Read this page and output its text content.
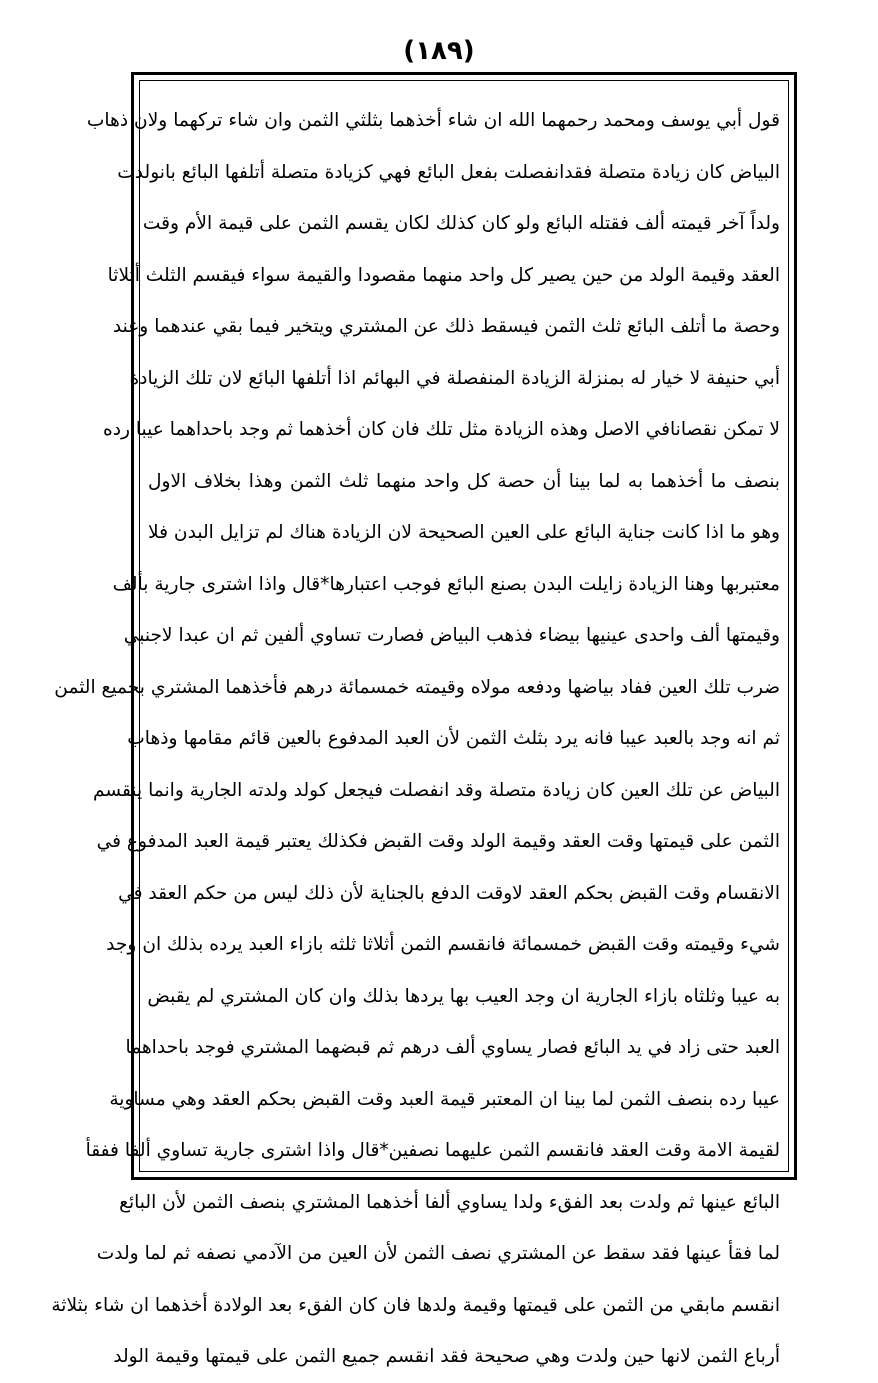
(١٨٩)
قول أبي يوسف ومحمد رحمهما الله ان شاء أخذهما بثلثي الثمن وان شاء تركهما ولان ذهاب
البياض كان زيادة متصلة فقدانفصلت بفعل البائع فهي كزيادة متصلة أتلفها البائع بانولدت
ولداً آخر قيمته ألف فقتله البائع ولو كان كذلك لكان يقسم الثمن على قيمة الأم وقت
العقد وقيمة الولد من حين يصير كل واحد منهما مقصودا والقيمة سواء فيقسم الثلث أثلاثا
وحصة ما أتلف البائع ثلث الثمن فيسقط ذلك عن المشتري ويتخير فيما بقي عندهما وعند
أبي حنيفة لا خيار له بمنزلة الزيادة المنفصلة في البهائم اذا أتلفها البائع لان تلك الزيادة
لا تمكن نقصانافي الاصل وهذه الزيادة مثل تلك فان كان أخذهما ثم وجد باحداهما عيبا رده
بنصف ما أخذهما به لما بينا أن حصة كل واحد منهما ثلث الثمن وهذا بخلاف الاول
وهو ما اذا كانت جناية البائع على العين الصحيحة لان الزيادة هناك لم تزايل البدن فلا
معتبربها وهنا الزيادة زايلت البدن بصنع البائع فوجب اعتبارها*قال واذا اشترى جارية بألف
وقيمتها ألف واحدى عينيها بيضاء فذهب البياض فصارت تساوي ألفين ثم ان عبدا لاجنبي
ضرب تلك العين ففاد بياضها ودفعه مولاه وقيمته خمسمائة درهم فأخذهما المشتري بجميع الثمن
ثم انه وجد بالعبد عيبا فانه يرد بثلث الثمن لأن العبد المدفوع بالعين قائم مقامها وذهاب
البياض عن تلك العين كان زيادة متصلة وقد انفصلت فيجعل كولد ولدته الجارية وانما ينقسم
الثمن على قيمتها وقت العقد وقيمة الولد وقت القبض فكذلك يعتبر قيمة العبد المدفوع في
الانقسام وقت القبض بحكم العقد لاوقت الدفع بالجناية لأن ذلك ليس من حكم العقد في
شيء وقيمته وقت القبض خمسمائة فانقسم الثمن أثلاثا ثلثه بازاء العبد يرده بذلك ان وجد
به عيبا وثلثاه بازاء الجارية ان وجد العيب بها يردها بذلك وان كان المشتري لم يقبض
العبد حتى زاد في يد البائع فصار يساوي ألف درهم ثم قبضهما المشتري فوجد باحداهما
عيبا رده بنصف الثمن لما بينا ان المعتبر قيمة العبد وقت القبض بحكم العقد وهي مساوية
لقيمة الامة وقت العقد فانقسم الثمن عليهما نصفين*قال واذا اشترى جارية تساوي ألفا ففقأ
البائع عينها ثم ولدت بعد الفقء ولدا يساوي ألفا أخذهما المشتري بنصف الثمن لأن البائع
لما فقأ عينها فقد سقط عن المشتري نصف الثمن لأن العين من الآدمي نصفه ثم لما ولدت
انقسم مابقي من الثمن على قيمتها وقيمة ولدها فان كان الفقء بعد الولادة أخذهما ان شاء بثلاثة
أرباع الثمن لانها حين ولدت وهي صحيحة فقد انقسم جميع الثمن على قيمتها وقيمة الولد
